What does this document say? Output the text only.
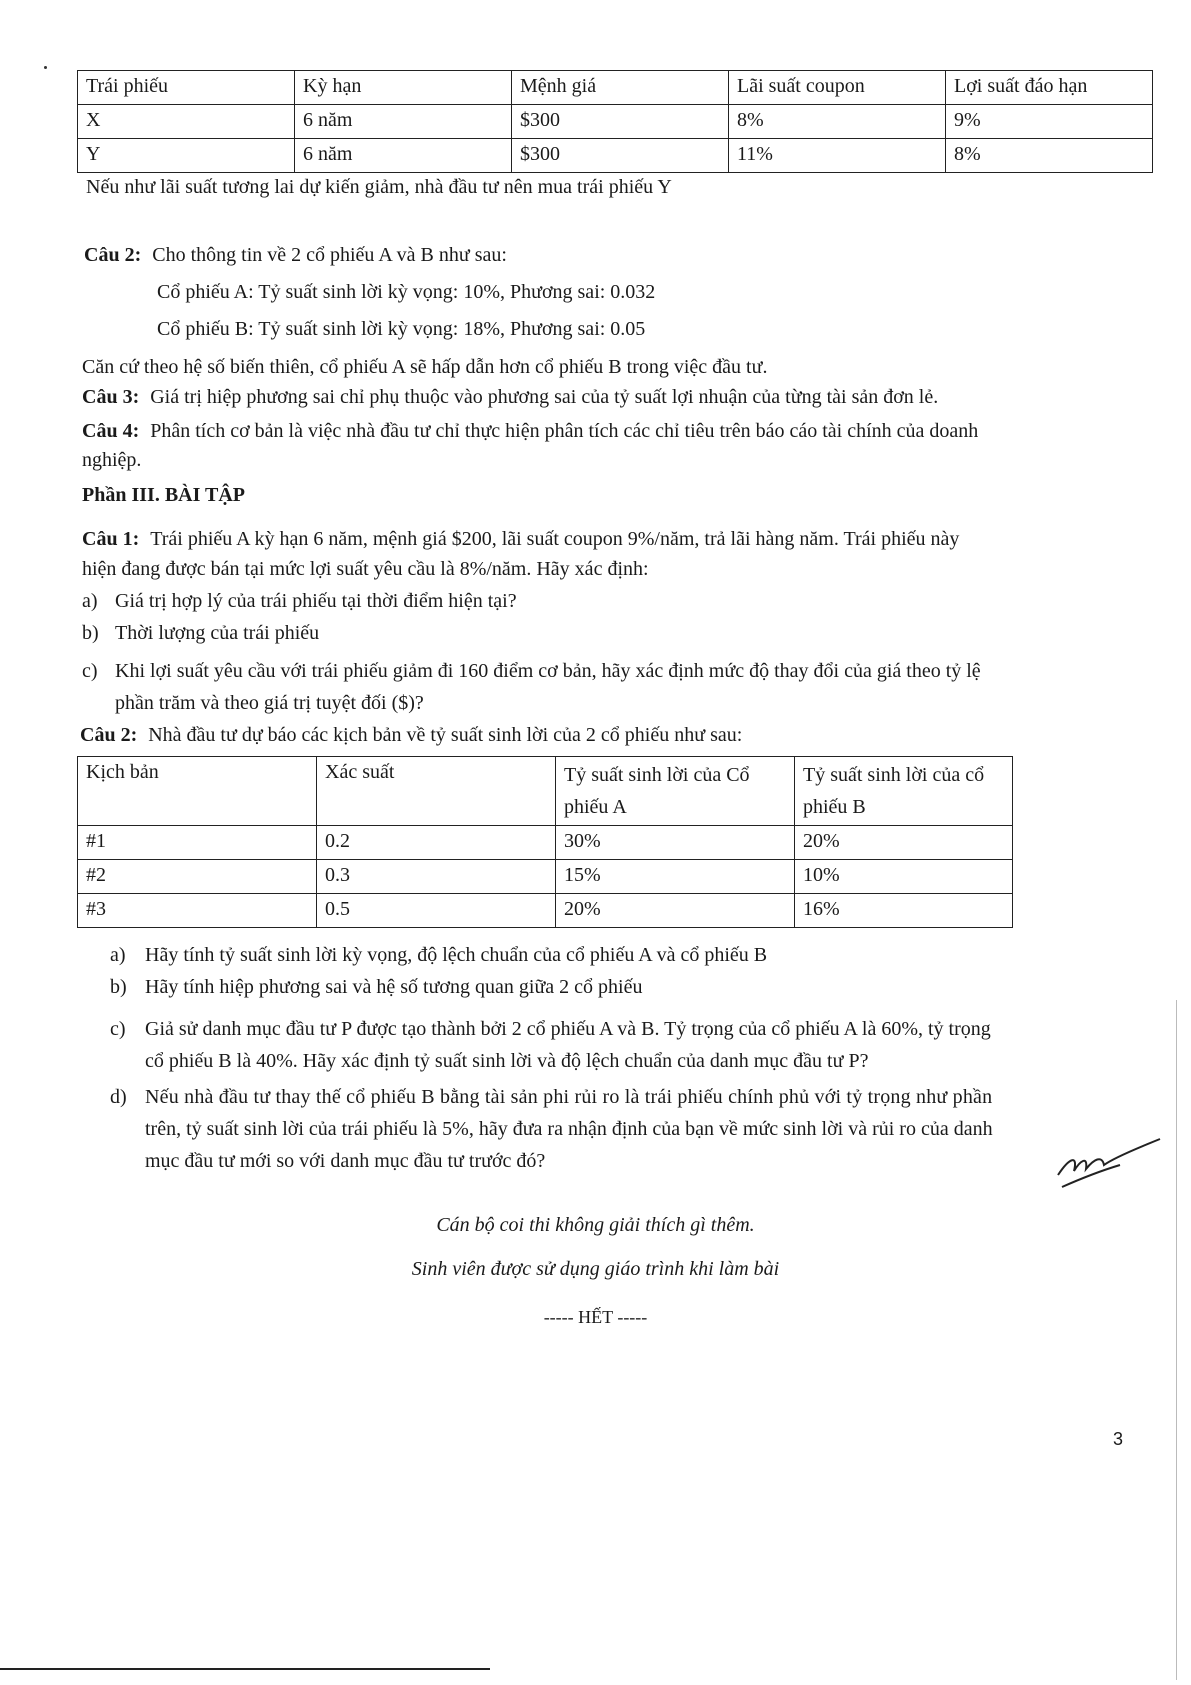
Trái phiếu	Kỳ hạn	Mệnh giá	Lãi suất coupon	Lợi suất đáo hạn
X	6 năm	$300	8%	9%
Y	6 năm	$300	11%	8%
Nếu như lãi suất tương lai dự kiến giảm, nhà đầu tư nên mua trái phiếu Y
Câu 2: Cho thông tin về 2 cổ phiếu A và B như sau:
Cổ phiếu A: Tỷ suất sinh lời kỳ vọng: 10%, Phương sai: 0.032
Cổ phiếu B: Tỷ suất sinh lời kỳ vọng: 18%, Phương sai: 0.05
Căn cứ theo hệ số biến thiên, cổ phiếu A sẽ hấp dẫn hơn cổ phiếu B trong việc đầu tư.
Câu 3: Giá trị hiệp phương sai chỉ phụ thuộc vào phương sai của tỷ suất lợi nhuận của từng tài sản đơn lẻ.
Câu 4: Phân tích cơ bản là việc nhà đầu tư chỉ thực hiện phân tích các chỉ tiêu trên báo cáo tài chính của doanh
nghiệp.
Phần III. BÀI TẬP
Câu 1: Trái phiếu A kỳ hạn 6 năm, mệnh giá $200, lãi suất coupon 9%/năm, trả lãi hàng năm. Trái phiếu này
hiện đang được bán tại mức lợi suất yêu cầu là 8%/năm. Hãy xác định:
a) Giá trị hợp lý của trái phiếu tại thời điểm hiện tại?
b) Thời lượng của trái phiếu
c) Khi lợi suất yêu cầu với trái phiếu giảm đi 160 điểm cơ bản, hãy xác định mức độ thay đổi của giá theo tỷ lệ
phần trăm và theo giá trị tuyệt đối ($)?
Câu 2: Nhà đầu tư dự báo các kịch bản về tỷ suất sinh lời của 2 cổ phiếu như sau:
Kịch bản	Xác suất	Tỷ suất sinh lời của Cổ phiếu A	Tỷ suất sinh lời của cổ phiếu B
#1	0.2	30%	20%
#2	0.3	15%	10%
#3	0.5	20%	16%
a) Hãy tính tỷ suất sinh lời kỳ vọng, độ lệch chuẩn của cổ phiếu A và cổ phiếu B
b) Hãy tính hiệp phương sai và hệ số tương quan giữa 2 cổ phiếu
c) Giả sử danh mục đầu tư P được tạo thành bởi 2 cổ phiếu A và B. Tỷ trọng của cổ phiếu A là 60%, tỷ trọng
cổ phiếu B là 40%. Hãy xác định tỷ suất sinh lời và độ lệch chuẩn của danh mục đầu tư P?
d) Nếu nhà đầu tư thay thế cổ phiếu B bằng tài sản phi rủi ro là trái phiếu chính phủ với tỷ trọng như phần
trên, tỷ suất sinh lời của trái phiếu là 5%, hãy đưa ra nhận định của bạn về mức sinh lời và rủi ro của danh
mục đầu tư mới so với danh mục đầu tư trước đó?
Cán bộ coi thi không giải thích gì thêm.
Sinh viên được sử dụng giáo trình khi làm bài
----- HẾT -----
3
